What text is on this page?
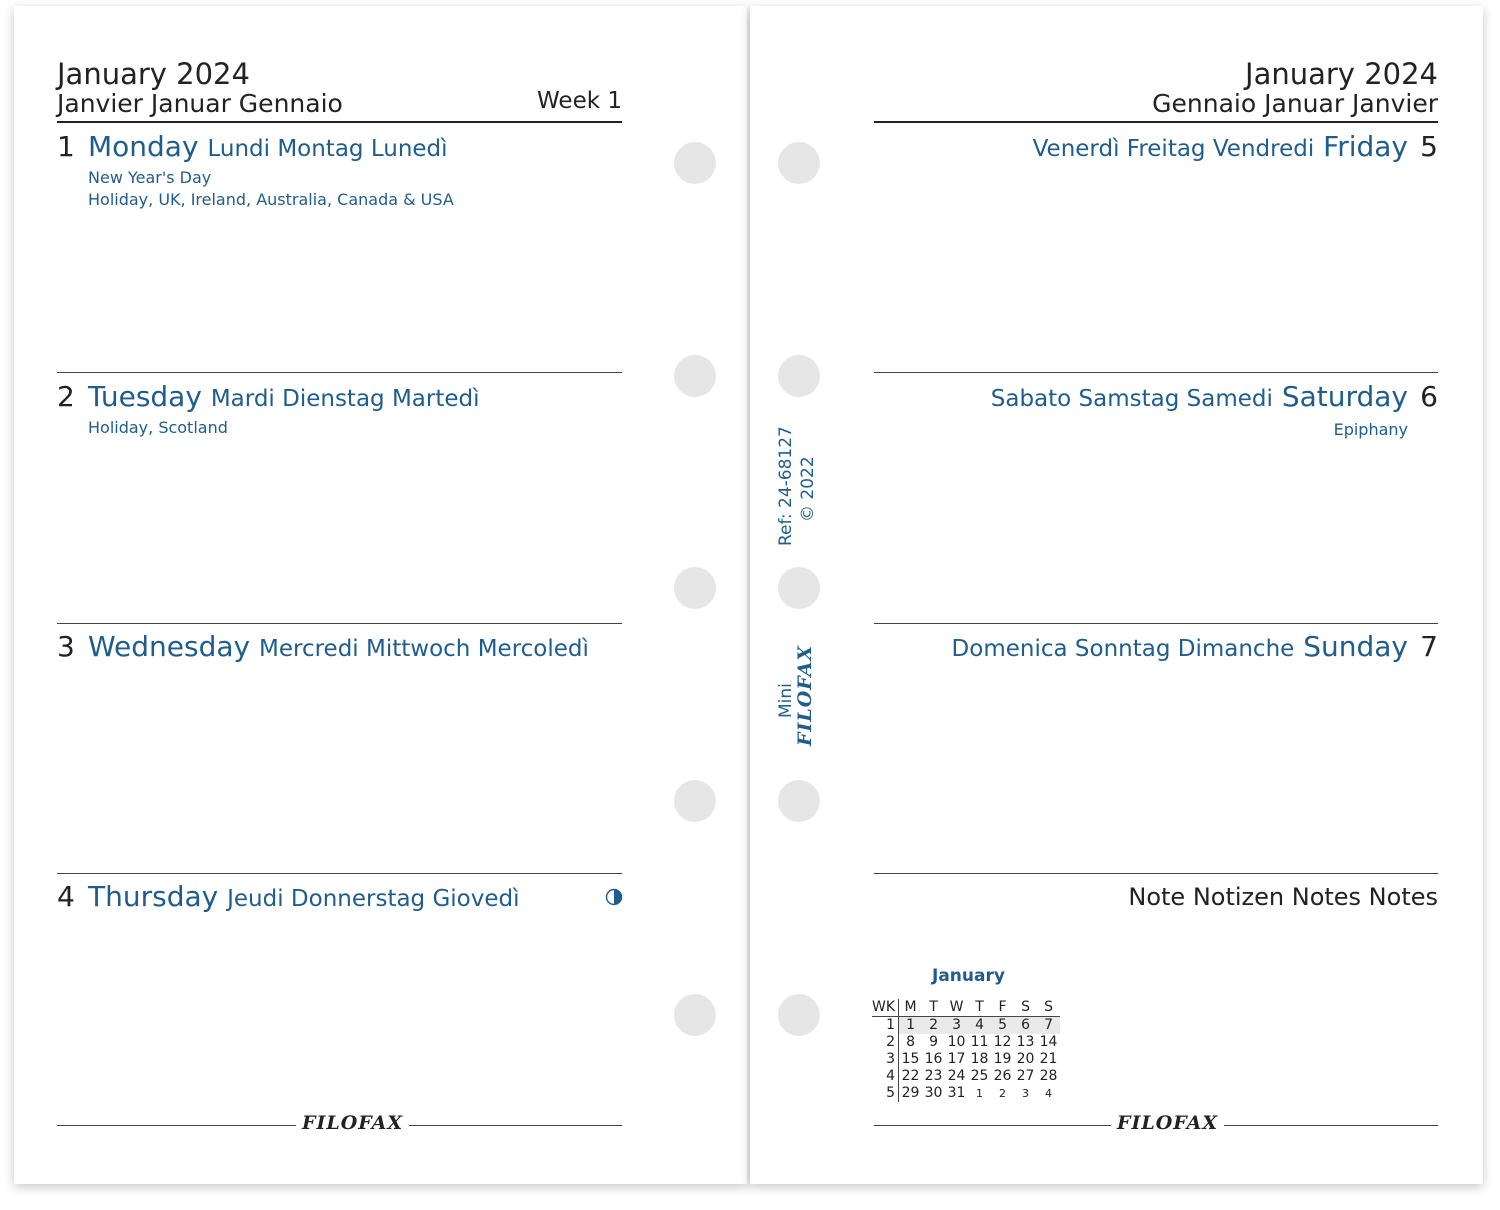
January 2024
Janvier Januar Gennaio	Week 1
1 Monday Lundi Montag Lunedì
New Year's Day
Holiday, UK, Ireland, Australia, Canada & USA
2 Tuesday Mardi Dienstag Martedì
Holiday, Scotland
3 Wednesday Mercredi Mittwoch Mercoledì
4 Thursday Jeudi Donnerstag Giovedì
FILOFAX
Ref: 24-68127 © 2022
Mini
FILOFAX
January 2024
Gennaio Januar Janvier
5
Venerdì Freitag Vendredi Friday
6
Sabato Samstag Samedi Saturday
Epiphany
7
Domenica Sonntag Dimanche Sunday
Note Notizen Notes Notes
January
WK	M	T	W	T	F	S	S
1	1	2	3	4	5	6	7
2	8	9	10	11	12	13	14
3	15	16	17	18	19	20	21
4	22	23	24	25	26	27	28
5	29	30	31	1	2	3	4
FILOFAX
